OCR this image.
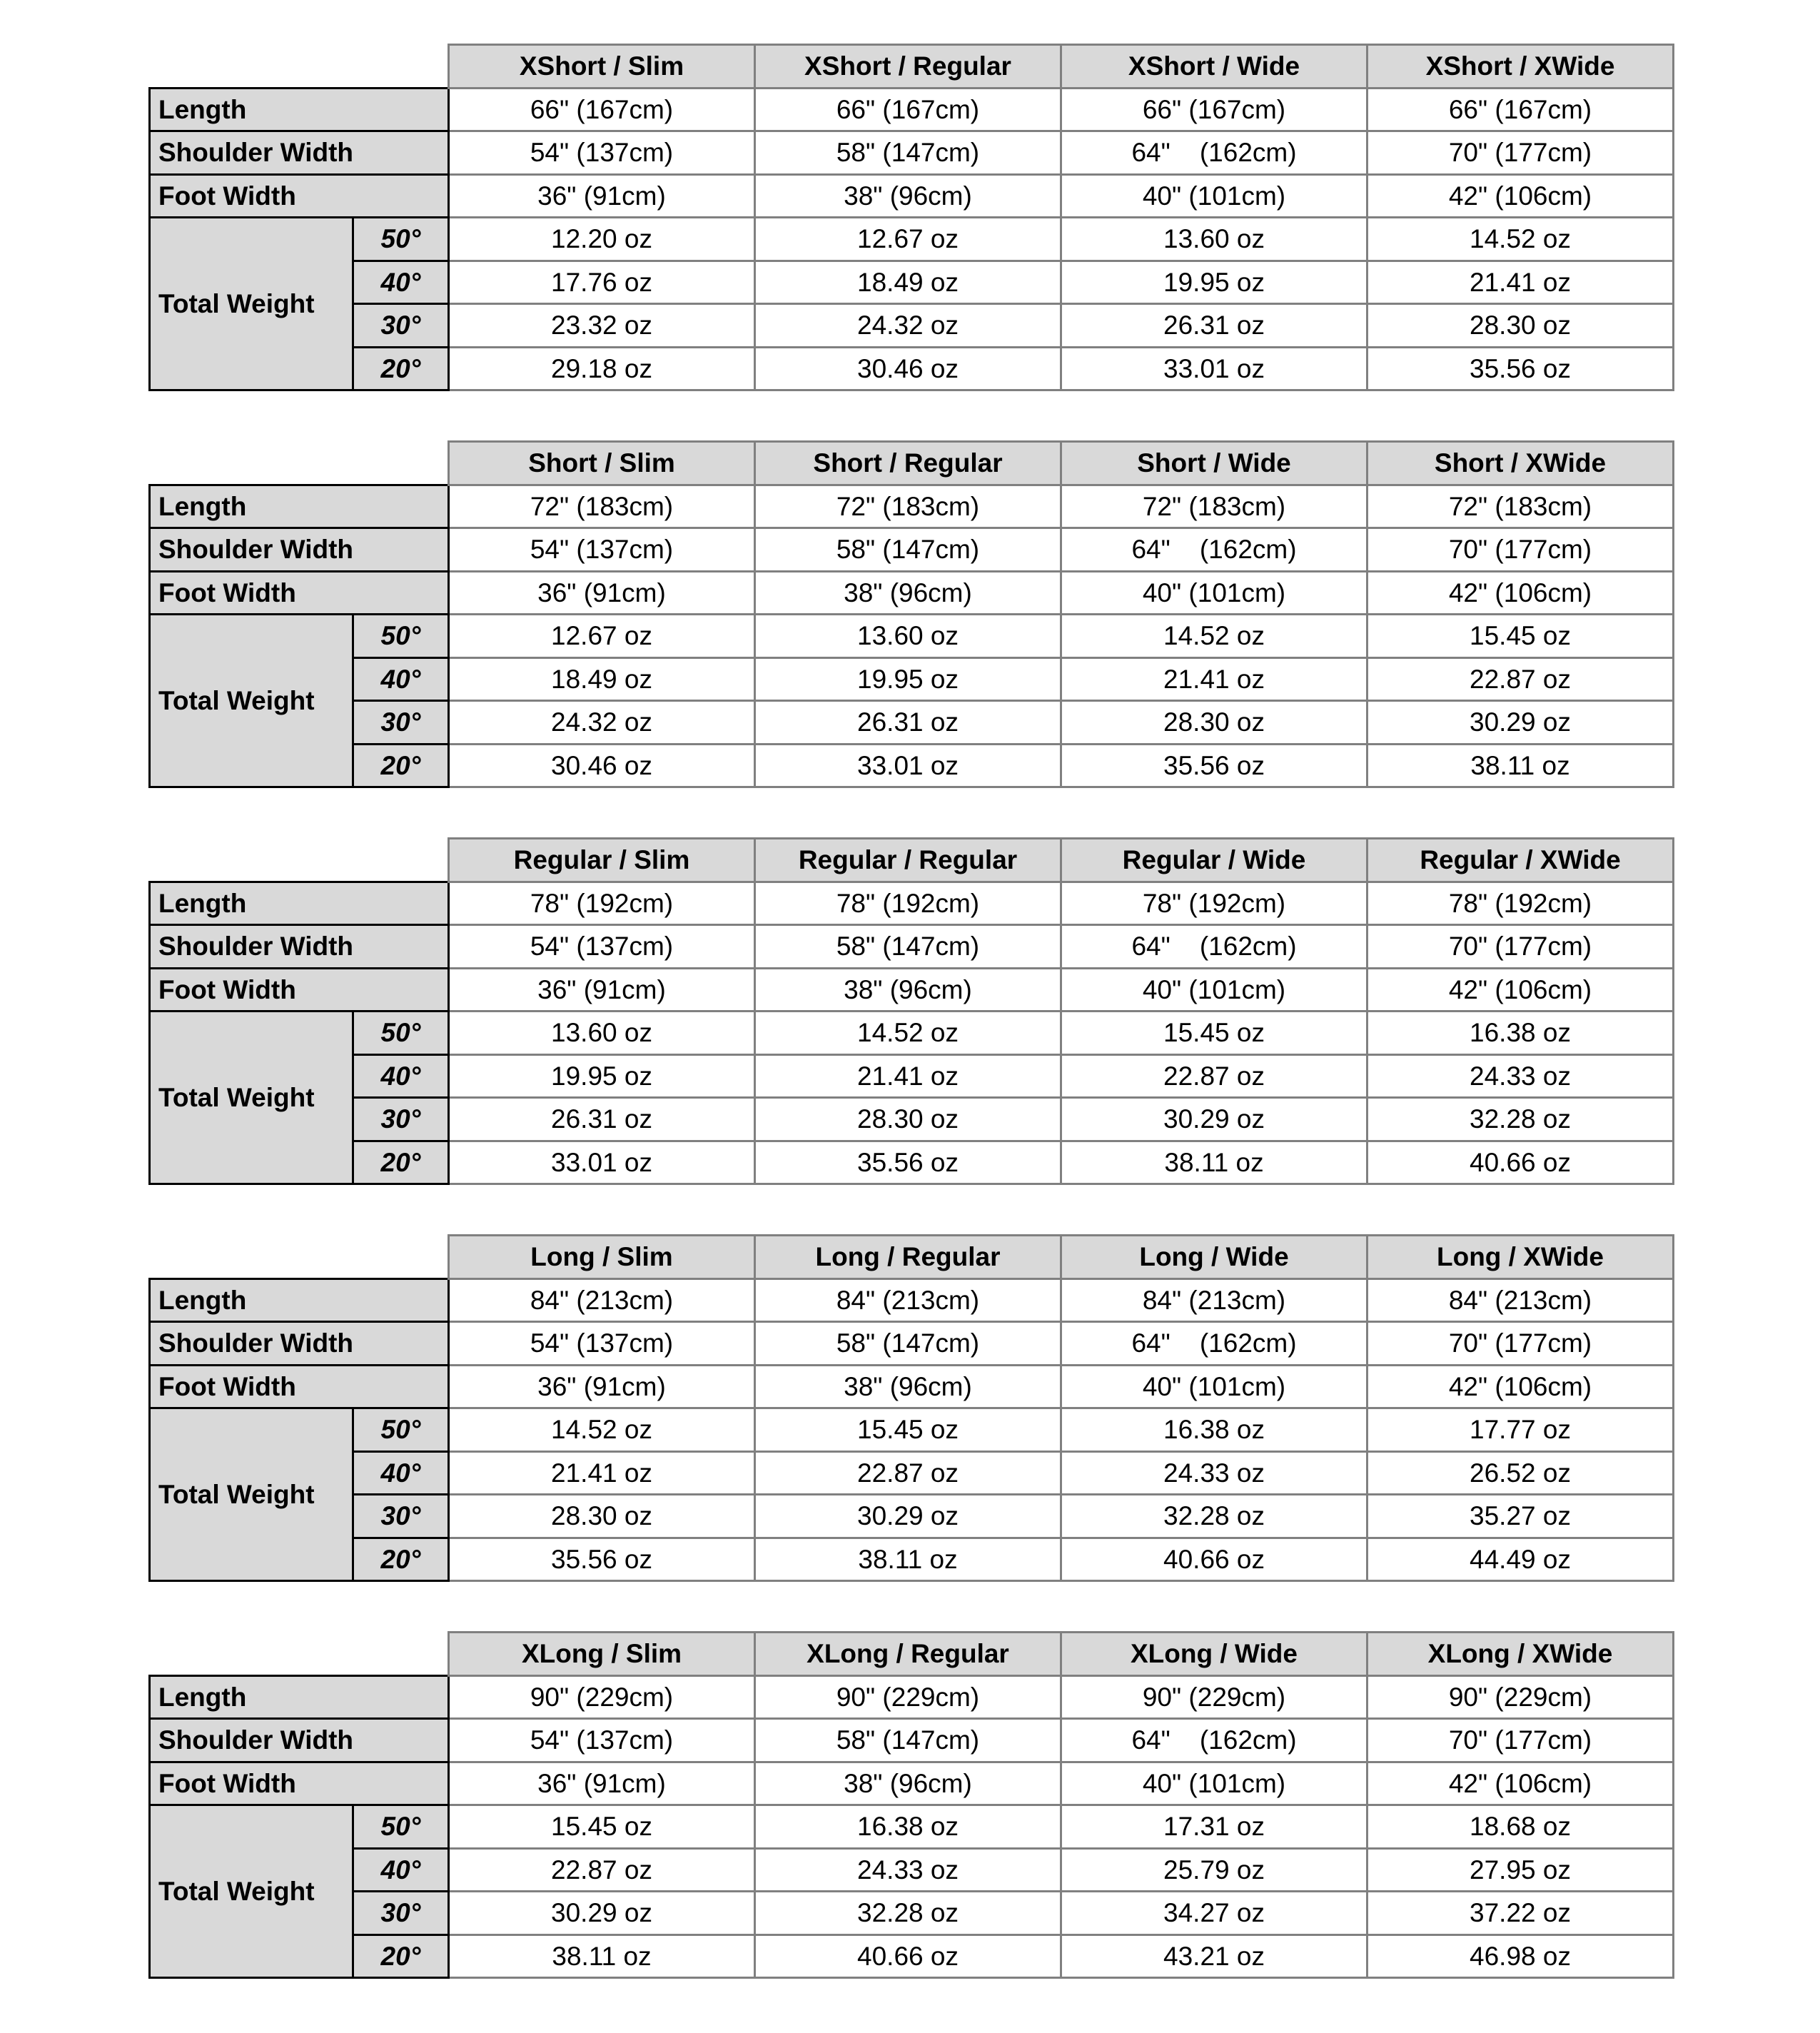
		XShort / Slim	XShort / Regular	XShort / Wide	XShort / XWide
Length		66" (167cm)	66" (167cm)	66" (167cm)	66" (167cm)
Shoulder Width		54" (137cm)	58" (147cm)	64"    (162cm)	70" (177cm)
Foot Width		36" (91cm)	38" (96cm)	40" (101cm)	42" (106cm)
Total Weight	50°	12.20 oz	12.67 oz	13.60 oz	14.52 oz
	40°	17.76 oz	18.49 oz	19.95 oz	21.41 oz
	30°	23.32 oz	24.32 oz	26.31 oz	28.30 oz
	20°	29.18 oz	30.46 oz	33.01 oz	35.56 oz
		Short / Slim	Short / Regular	Short / Wide	Short / XWide
Length		72" (183cm)	72" (183cm)	72" (183cm)	72" (183cm)
Shoulder Width		54" (137cm)	58" (147cm)	64"    (162cm)	70" (177cm)
Foot Width		36" (91cm)	38" (96cm)	40" (101cm)	42" (106cm)
Total Weight	50°	12.67 oz	13.60 oz	14.52 oz	15.45 oz
	40°	18.49 oz	19.95 oz	21.41 oz	22.87 oz
	30°	24.32 oz	26.31 oz	28.30 oz	30.29 oz
	20°	30.46 oz	33.01 oz	35.56 oz	38.11 oz
		Regular / Slim	Regular / Regular	Regular / Wide	Regular / XWide
Length		78" (192cm)	78" (192cm)	78" (192cm)	78" (192cm)
Shoulder Width		54" (137cm)	58" (147cm)	64"    (162cm)	70" (177cm)
Foot Width		36" (91cm)	38" (96cm)	40" (101cm)	42" (106cm)
Total Weight	50°	13.60 oz	14.52 oz	15.45 oz	16.38 oz
	40°	19.95 oz	21.41 oz	22.87 oz	24.33 oz
	30°	26.31 oz	28.30 oz	30.29 oz	32.28 oz
	20°	33.01 oz	35.56 oz	38.11 oz	40.66 oz
		Long / Slim	Long / Regular	Long / Wide	Long / XWide
Length		84" (213cm)	84" (213cm)	84" (213cm)	84" (213cm)
Shoulder Width		54" (137cm)	58" (147cm)	64"    (162cm)	70" (177cm)
Foot Width		36" (91cm)	38" (96cm)	40" (101cm)	42" (106cm)
Total Weight	50°	14.52 oz	15.45 oz	16.38 oz	17.77 oz
	40°	21.41 oz	22.87 oz	24.33 oz	26.52 oz
	30°	28.30 oz	30.29 oz	32.28 oz	35.27 oz
	20°	35.56 oz	38.11 oz	40.66 oz	44.49 oz
		XLong / Slim	XLong / Regular	XLong / Wide	XLong / XWide
Length		90" (229cm)	90" (229cm)	90" (229cm)	90" (229cm)
Shoulder Width		54" (137cm)	58" (147cm)	64"    (162cm)	70" (177cm)
Foot Width		36" (91cm)	38" (96cm)	40" (101cm)	42" (106cm)
Total Weight	50°	15.45 oz	16.38 oz	17.31 oz	18.68 oz
	40°	22.87 oz	24.33 oz	25.79 oz	27.95 oz
	30°	30.29 oz	32.28 oz	34.27 oz	37.22 oz
	20°	38.11 oz	40.66 oz	43.21 oz	46.98 oz
